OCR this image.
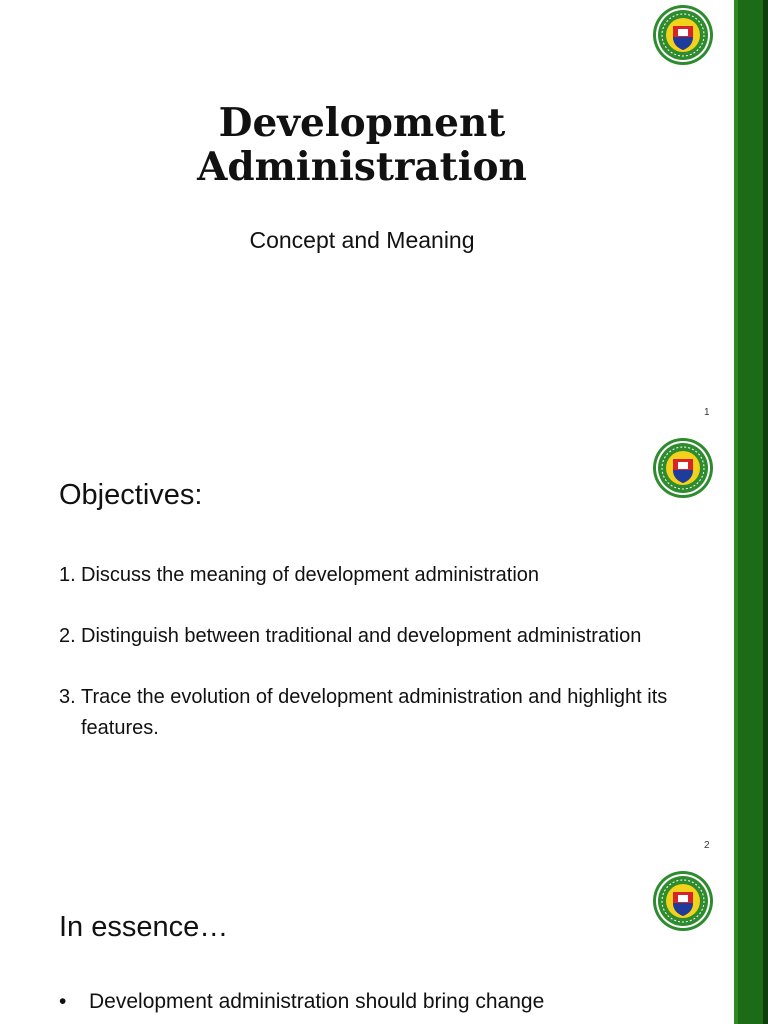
Development
Administration
Concept and Meaning
1
Objectives:
1. Discuss the meaning of development administration
2. Distinguish between traditional and development administration
3. Trace the evolution of development administration and highlight its features.
2
In essence…
•	Development administration should bring change
